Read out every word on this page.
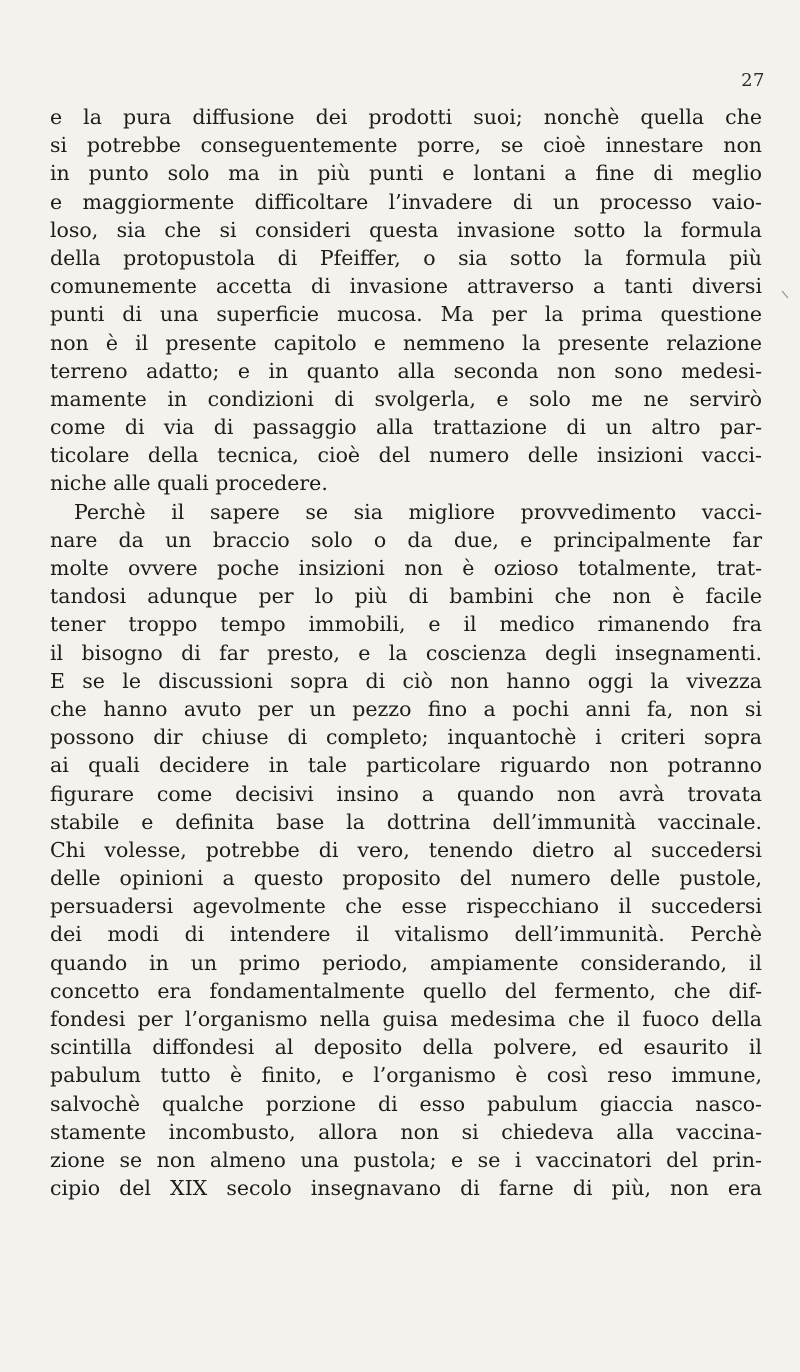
27
e la pura diffusione dei prodotti suoi; nonchè quella che
si potrebbe conseguentemente porre, se cioè innestare non
in punto solo ma in più punti e lontani a fine di meglio
e maggiormente difficoltare l’invadere di un processo vaio-
loso, sia che si consideri questa invasione sotto la formula
della protopustola di Pfeiffer, o sia sotto la formula più
comunemente accetta di invasione attraverso a tanti diversi
punti di una superficie mucosa. Ma per la prima questione
non è il presente capitolo e nemmeno la presente relazione
terreno adatto; e in quanto alla seconda non sono medesi-
mamente in condizioni di svolgerla, e solo me ne servirò
come di via di passaggio alla trattazione di un altro par-
ticolare della tecnica, cioè del numero delle insizioni vacci-
niche alle quali procedere.
Perchè il sapere se sia migliore provvedimento vacci-
nare da un braccio solo o da due, e principalmente far
molte ovvere poche insizioni non è ozioso totalmente, trat-
tandosi adunque per lo più di bambini che non è facile
tener troppo tempo immobili, e il medico rimanendo fra
il bisogno di far presto, e la coscienza degli insegnamenti.
E se le discussioni sopra di ciò non hanno oggi la vivezza
che hanno avuto per un pezzo fino a pochi anni fa, non si
possono dir chiuse di completo; inquantochè i criteri sopra
ai quali decidere in tale particolare riguardo non potranno
figurare come decisivi insino a quando non avrà trovata
stabile e definita base la dottrina dell’immunità vaccinale.
Chi volesse, potrebbe di vero, tenendo dietro al succedersi
delle opinioni a questo proposito del numero delle pustole,
persuadersi agevolmente che esse rispecchiano il succedersi
dei modi di intendere il vitalismo dell’immunità. Perchè
quando in un primo periodo, ampiamente considerando, il
concetto era fondamentalmente quello del fermento, che dif-
fondesi per l’organismo nella guisa medesima che il fuoco della
scintilla diffondesi al deposito della polvere, ed esaurito il
pabulum tutto è finito, e l’organismo è così reso immune,
salvochè qualche porzione di esso pabulum giaccia nasco-
stamente incombusto, allora non si chiedeva alla vaccina-
zione se non almeno una pustola; e se i vaccinatori del prin-
cipio del XIX secolo insegnavano di farne di più, non era
